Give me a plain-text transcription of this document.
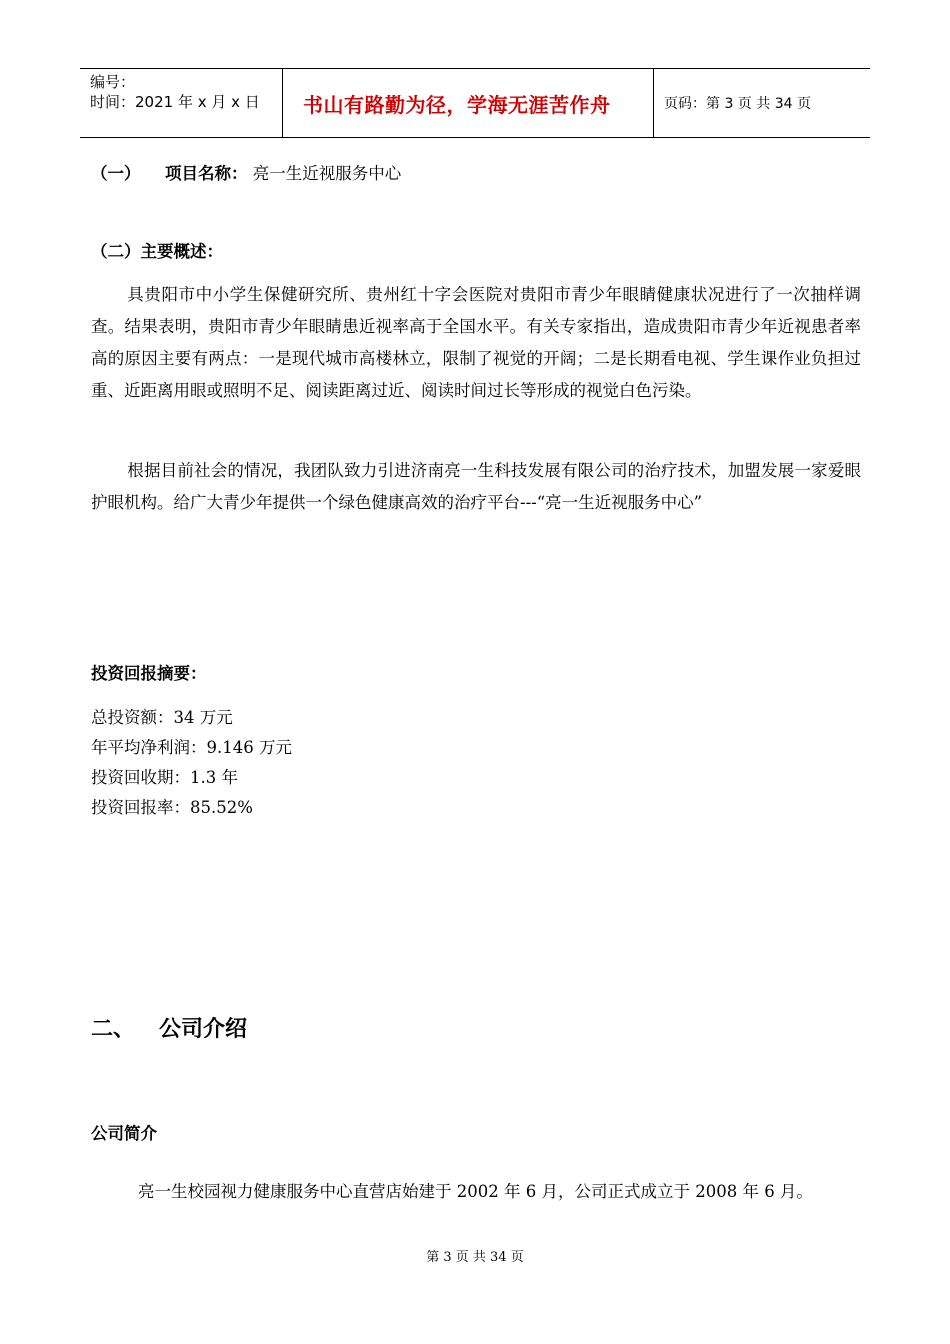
编号：
时间：2021 年 x 月 x 日	书山有路勤为径，学海无涯苦作舟	页码：第 3 页 共 34 页
（一） 项目名称： 亮一生近视服务中心
（二）主要概述：
具贵阳市中小学生保健研究所、贵州红十字会医院对贵阳市青少年眼睛健康状况进行了一次抽样调查。结果表明，贵阳市青少年眼睛患近视率高于全国水平。有关专家指出，造成贵阳市青少年近视患者率高的原因主要有两点：一是现代城市高楼林立，限制了视觉的开阔；二是长期看电视、学生课作业负担过重、近距离用眼或照明不足、阅读距离过近、阅读时间过长等形成的视觉白色污染。
根据目前社会的情况，我团队致力引进济南亮一生科技发展有限公司的治疗技术，加盟发展一家爱眼护眼机构。给广大青少年提供一个绿色健康高效的治疗平台---“亮一生近视服务中心”
投资回报摘要：
总投资额：34 万元
年平均净利润：9.146 万元
投资回收期：1.3 年
投资回报率：85.52%
二、 公司介绍
公司简介
亮一生校园视力健康服务中心直营店始建于 2002 年 6 月，公司正式成立于 2008 年 6 月。
第 3 页 共 34 页
